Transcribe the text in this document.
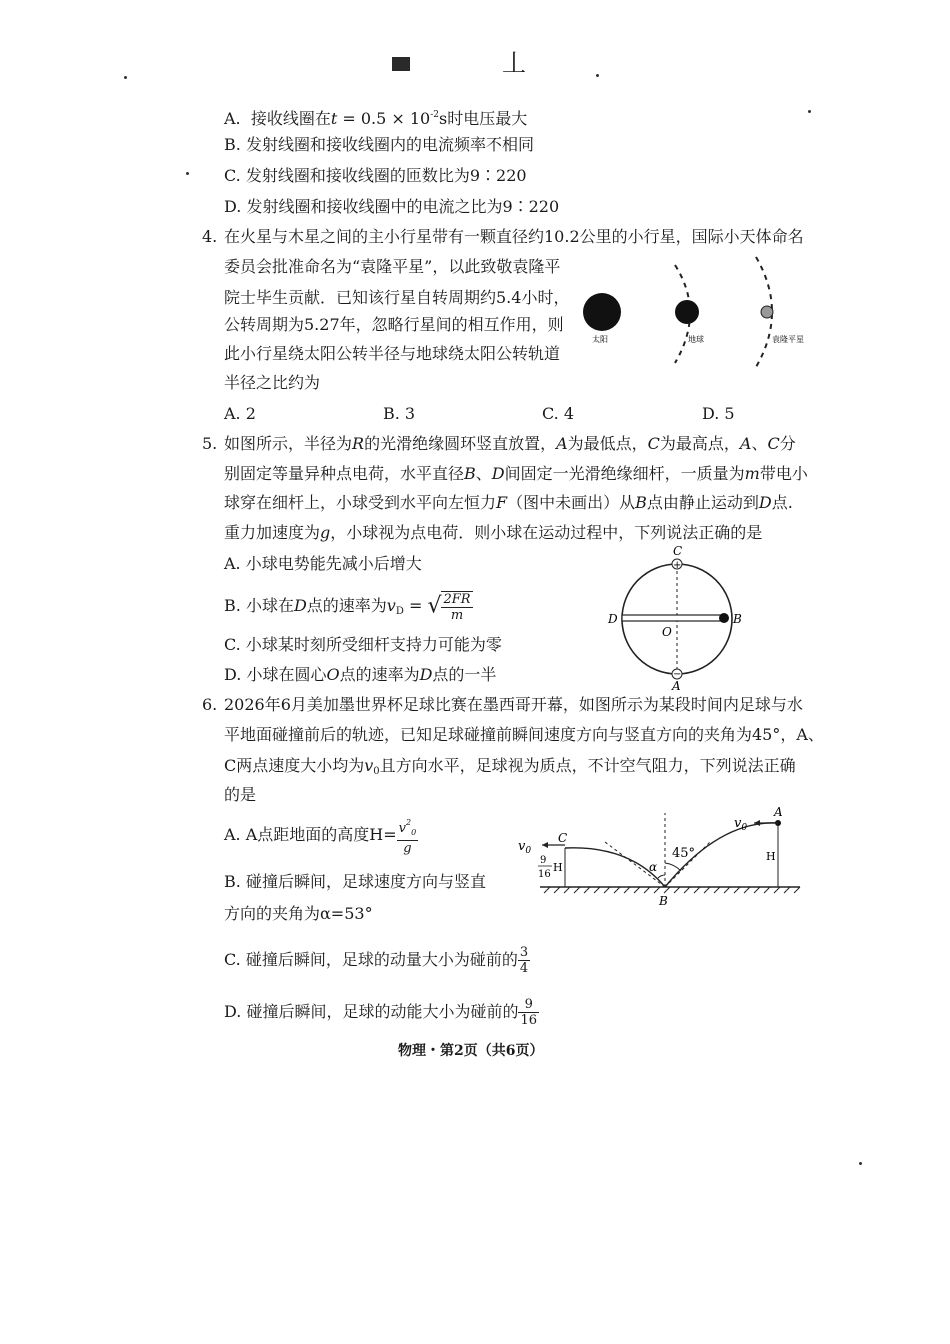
丄
A. 接收线圈在$t = 0.5 \times 10^{-2}s$时电压最大
B. 发射线圈和接收线圈内的电流频率不相同
C. 发射线圈和接收线圈的匝数比为9∶220
D. 发射线圈和接收线圈中的电流之比为9∶220
4. 在火星与木星之间的主小行星带有一颗直径约10.2公里的小行星，国际小天体命名
委员会批准命名为“袁隆平星”，以此致敬袁隆平
院士毕生贡献．已知该行星自转周期约5.4小时，
公转周期为5.27年，忽略行星间的相互作用，则
此小行星绕太阳公转半径与地球绕太阳公转轨道
半径之比约为
A. 2	B. 3	C. 4	D. 5
太阳	地球	袁隆平星
5. 如图所示，半径为R的光滑绝缘圆环竖直放置，A为最低点，C为最高点，A、C分
别固定等量异种点电荷，水平直径B、D间固定一光滑绝缘细杆，一质量为m带电小
球穿在细杆上，小球受到水平向左恒力F（图中未画出）从B点由静止运动到D点.
重力加速度为g，小球视为点电荷．则小球在运动过程中，下列说法正确的是
A. 小球电势能先减小后增大
B. 小球在D点的速率为$v_D$ = √ $\frac{2FR}{m}$
C. 小球某时刻所受细杆支持力可能为零
D. 小球在圆心O点的速率为D点的一半
+
−
C
D
O
B
A
6. 2026年6月美加墨世界杯足球比赛在墨西哥开幕，如图所示为某段时间内足球与水
平地面碰撞前后的轨迹，已知足球碰撞前瞬间速度方向与竖直方向的夹角为45°，A、
C两点速度大小均为$v_0$且方向水平，足球视为质点，不计空气阻力，下列说法正确
的是
A. A点距地面的高度$H= \frac{v^2_0}{g}$
B. 碰撞后瞬间，足球速度方向与竖直
方向的夹角为α=53°
C. 碰撞后瞬间，足球的动量大小为碰前的 $\frac{3}{4}$
D. 碰撞后瞬间，足球的动能大小为碰前的 $\frac{9}{16}$
45°
α
$v_0$
C
9
16
H
$v_0$
A
H
B
物理・第2页（共6页）
